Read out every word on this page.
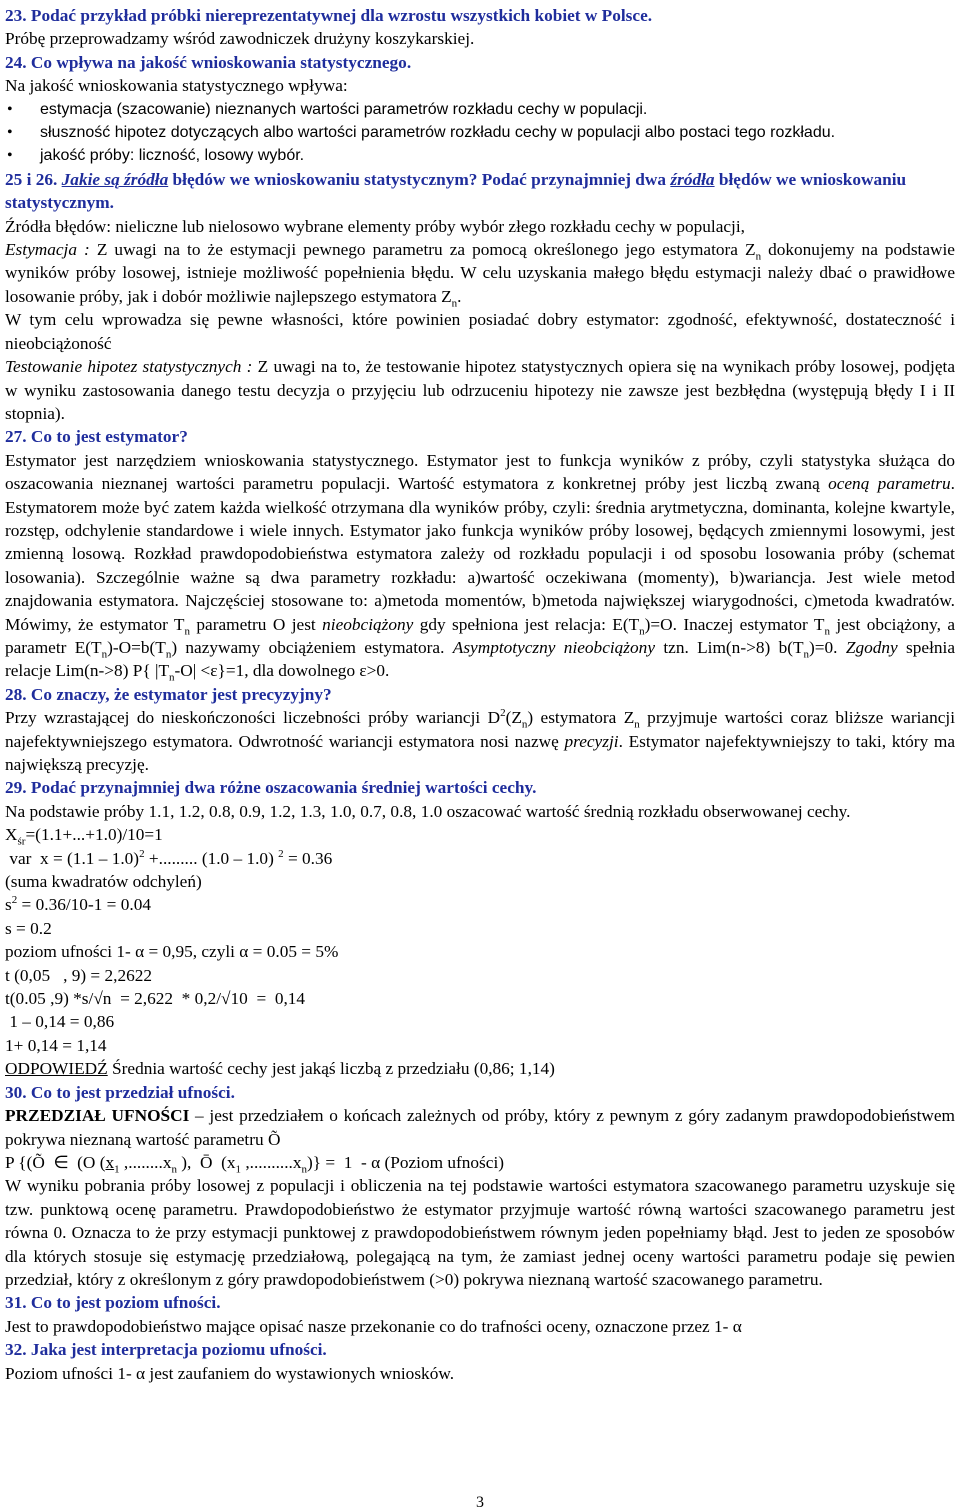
23. Podać przykład próbki niereprezentatywnej dla wzrostu wszystkich kobiet w Polsce.

Próbę przeprowadzamy wśród zawodniczek drużyny koszykarskiej.

24. Co wpływa na jakość wnioskowania statystycznego.

Na jakość wnioskowania statystycznego wpływa:

• estymacja (szacowanie) nieznanych wartości parametrów rozkładu cechy w populacji.

• słuszność hipotez dotyczących albo wartości parametrów rozkładu cechy w populacji albo postaci tego rozkładu.

• jakość próby: liczność, losowy wybór.

25 i 26. Jakie są źródła błędów we wnioskowaniu statystycznym? Podać przynajmniej dwa źródła błędów we wnioskowaniu statystycznym.

Źródła błędów: nieliczne lub nielosowo wybrane elementy próby wybór złego rozkładu cechy w populacji,

Estymacja : Z uwagi na to że estymacji pewnego parametru za pomocą określonego jego estymatora $Z_n$ dokonujemy na podstawie wyników próby losowej, istnieje możliwość popełnienia błędu. W celu uzyskania małego błędu estymacji należy dbać o prawidłowe losowanie próby, jak i dobór możliwie najlepszego estymatora $Z_n$.

W tym celu wprowadza się pewne własności, które powinien posiadać dobry estymator: zgodność, efektywność, dostateczność i nieobciążoność

Testowanie hipotez statystycznych : Z uwagi na to, że testowanie hipotez statystycznych opiera się na wynikach próby losowej, podjęta w wyniku zastosowania danego testu decyzja o przyjęciu lub odrzuceniu hipotezy nie zawsze jest bezbłędna (występują błędy I i II stopnia).

27. Co to jest estymator?

Estymator jest narzędziem wnioskowania statystycznego. Estymator jest to funkcja wyników z próby, czyli statystyka służąca do oszacowania nieznanej wartości parametru populacji. Wartość estymatora z konkretnej próby jest liczbą zwaną oceną parametru. Estymatorem może być zatem każda wielkość otrzymana dla wyników próby, czyli: średnia arytmetyczna, dominanta, kolejne kwartyle, rozstęp, odchylenie standardowe i wiele innych. Estymator jako funkcja wyników próby losowej, będących zmiennymi losowymi, jest zmienną losową. Rozkład prawdopodobieństwa estymatora zależy od rozkładu populacji i od sposobu losowania próby (schemat losowania). Szczególnie ważne są dwa parametry rozkładu: a)wartość oczekiwana (momenty), b)wariancja. Jest wiele metod znajdowania estymatora. Najczęściej stosowane to: a)metoda momentów, b)metoda największej wiarygodności, c)metoda kwadratów. Mówimy, że estymator $T_n$ parametru O jest nieobciążony gdy spełniona jest relacja: $E(T_n)=O$. Inaczej estymator $T_n$ jest obciążony, a parametr $E(T_n)-O=b(T_n)$ nazywamy obciążeniem estymatora. Asymptotyczny nieobciążony tzn. Lim(n->8) $b(T_n)=0$. Zgodny spełnia relacje Lim(n->8) P{ $|T_n-O| <\varepsilon\}=1$, dla dowolnego ε>0.

28. Co znaczy, że estymator jest precyzyjny?

Przy wzrastającej do nieskończoności liczebności próby wariancji $D^2(Z_n)$ estymatora $Z_n$ przyjmuje wartości coraz bliższe wariancji najefektywniejszego estymatora. Odwrotność wariancji estymatora nosi nazwę precyzji. Estymator najefektywniejszy to taki, który ma największą precyzję.

29. Podać przynajmniej dwa różne oszacowania średniej wartości cechy.

Na podstawie próby 1.1, 1.2, 0.8, 0.9, 1.2, 1.3, 1.0, 0.7, 0.8, 1.0 oszacować wartość średnią rozkładu obserwowanej cechy.

$X_{śr}=(1.1+...+1.0)/10=1$

var  x = (1.1 – 1.0)$^2$ +......... (1.0 – 1.0) $^2$ = 0.36

(suma kwadratów odchyleń)

$s^2 = 0.36/10-1 = 0.04$

s = 0.2

poziom ufności 1- α = 0,95, czyli α = 0.05 = 5%

t (0,05   , 9) = 2,2622

t(0.05 ,9) *s/√n  = 2,622  * 0,2/√10  =  0,14

1 – 0,14 = 0,86

1+ 0,14 = 1,14

ODPOWIEDŹ Średnia wartość cechy jest jakąś liczbą z przedziału (0,86; 1,14)

30. Co to jest przedział ufności.

PRZEDZIAŁ UFNOŚCI – jest przedziałem o końcach zależnych od próby, który z pewnym z góry zadanym prawdopodobieństwem pokrywa nieznaną wartość parametru Õ

P {(Õ  ∈  (O ($x_1$ $,........x_n$ ),  Ō  ($x_1$ $,..........x_n)\} = 1 - \alpha$ (Poziom ufności)

W wyniku pobrania próby losowej z populacji i obliczenia na tej podstawie wartości estymatora szacowanego parametru uzyskuje się tzw. punktową ocenę parametru. Prawdopodobieństwo że estymator przyjmuje wartość równą wartości szacowanego parametru jest równa 0. Oznacza to że przy estymacji punktowej z prawdopodobieństwem równym jeden popełniamy błąd. Jest to jeden ze sposobów dla których stosuje się estymację przedziałową, polegającą na tym, że zamiast jednej oceny wartości parametru podaje się pewien przedział, który z określonym z góry prawdopodobieństwem (>0) pokrywa nieznaną wartość szacowanego parametru.

31. Co to jest poziom ufności.

Jest to prawdopodobieństwo mające opisać nasze przekonanie co do trafności oceny, oznaczone przez 1- α

32. Jaka jest interpretacja poziomu ufności.

Poziom ufności 1- α jest zaufaniem do wystawionych wniosków.

3
